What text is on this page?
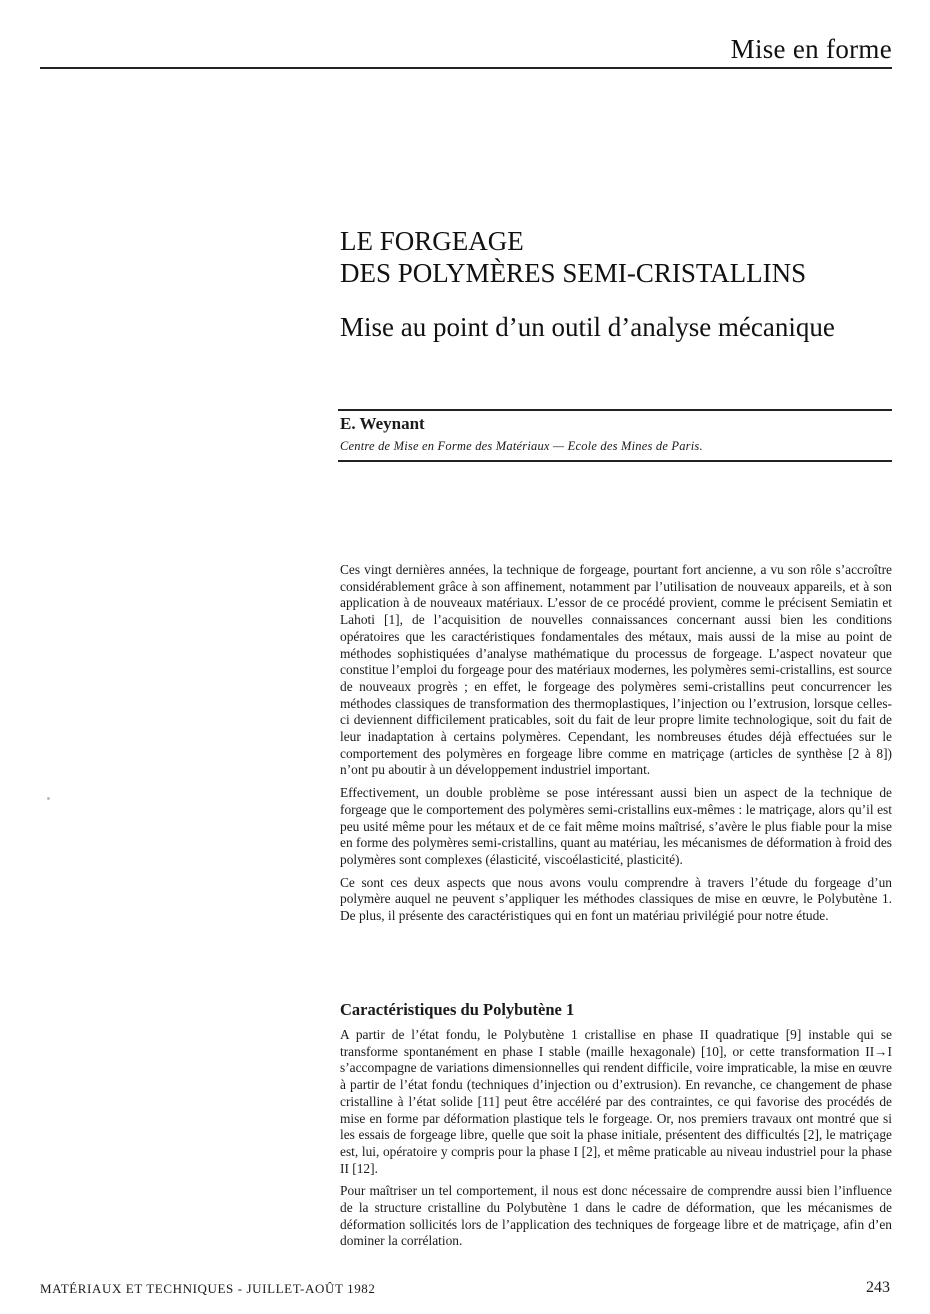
Mise en forme
LE FORGEAGE
DES POLYMÈRES SEMI-CRISTALLINS
Mise au point d’un outil d’analyse mécanique
E. Weynant
Centre de Mise en Forme des Matériaux — Ecole des Mines de Paris.

Ces vingt dernières années, la technique de forgeage, pourtant fort ancienne, a vu son rôle s’accroître considérablement grâce à son affinement, notamment par l’utilisation de nouveaux appareils, et à son application à de nouveaux matériaux. L’essor de ce procédé provient, comme le précisent Semiatin et Lahoti [1], de l’acquisition de nouvelles connaissances concernant aussi bien les conditions opératoires que les caractéristiques fondamentales des métaux, mais aussi de la mise au point de méthodes sophistiquées d’analyse mathématique du processus de forgeage. L’aspect novateur que constitue l’emploi du forgeage pour des matériaux modernes, les polymères semi-cristallins, est source de nouveaux progrès ; en effet, le forgeage des polymères semi-cristallins peut concurrencer les méthodes classiques de transformation des thermoplastiques, l’injection ou l’extrusion, lorsque celles-ci deviennent difficilement praticables, soit du fait de leur propre limite technologique, soit du fait de leur inadaptation à certains polymères. Cependant, les nombreuses études déjà effectuées sur le comportement des polymères en forgeage libre comme en matriçage (articles de synthèse [2 à 8]) n’ont pu aboutir à un développement industriel important.

Effectivement, un double problème se pose intéressant aussi bien un aspect de la technique de forgeage que le comportement des polymères semi-cristallins eux-mêmes : le matriçage, alors qu’il est peu usité même pour les métaux et de ce fait même moins maîtrisé, s’avère le plus fiable pour la mise en forme des polymères semi-cristallins, quant au matériau, les mécanismes de déformation à froid des polymères sont complexes (élasticité, viscoélasticité, plasticité).

Ce sont ces deux aspects que nous avons voulu comprendre à travers l’étude du forgeage d’un polymère auquel ne peuvent s’appliquer les méthodes classiques de mise en œuvre, le Polybutène 1. De plus, il présente des caractéristiques qui en font un matériau privilégié pour notre étude.

Caractéristiques du Polybutène 1

A partir de l’état fondu, le Polybutène 1 cristallise en phase II quadratique [9] instable qui se transforme spontanément en phase I stable (maille hexagonale) [10], or cette transformation II→I s’accompagne de variations dimensionnelles qui rendent difficile, voire impraticable, la mise en œuvre à partir de l’état fondu (techniques d’injection ou d’extrusion). En revanche, ce changement de phase cristalline à l’état solide [11] peut être accéléré par des contraintes, ce qui favorise des procédés de mise en forme par déformation plastique tels le forgeage. Or, nos premiers travaux ont montré que si les essais de forgeage libre, quelle que soit la phase initiale, présentent des difficultés [2], le matriçage est, lui, opératoire y compris pour la phase I [2], et même praticable au niveau industriel pour la phase II [12].

Pour maîtriser un tel comportement, il nous est donc nécessaire de comprendre aussi bien l’influence de la structure cristalline du Polybutène 1 dans le cadre de déformation, que les mécanismes de déformation sollicités lors de l’application des techniques de forgeage libre et de matriçage, afin d’en dominer la corrélation.

MATÉRIAUX ET TECHNIQUES - JUILLET-AOÛT 1982	243
